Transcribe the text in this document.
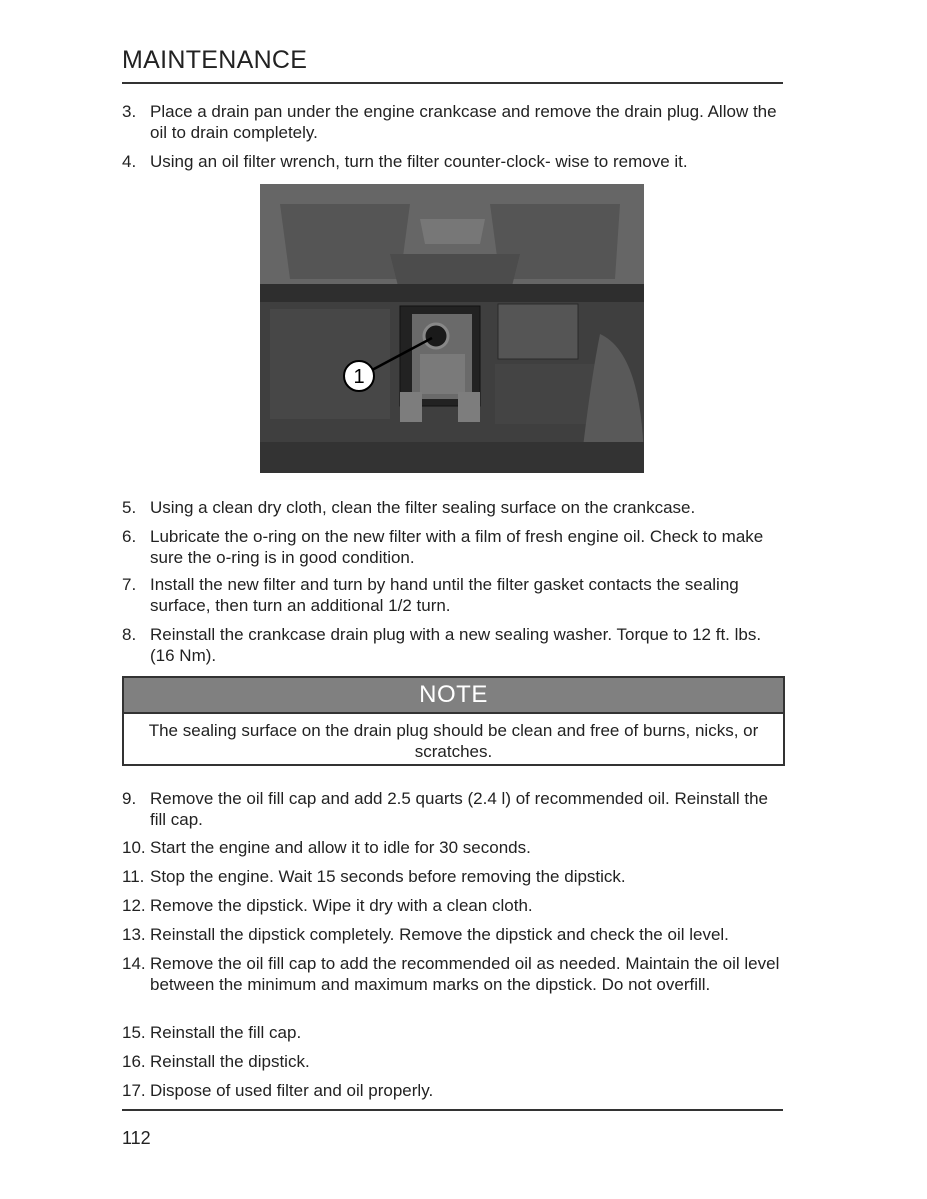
MAINTENANCE
3. Place a drain pan under the engine crankcase and remove the drain plug. Allow the oil to drain completely.
4. Using an oil filter wrench, turn the filter counter-clock- wise to remove it.
1
5. Using a clean dry cloth, clean the filter sealing surface on the crankcase.
6. Lubricate the o-ring on the new filter with a film of fresh engine oil. Check to make sure the o-ring is in good condition.
7. Install the new filter and turn by hand until the filter gasket contacts the sealing surface, then turn an additional 1/2 turn.
8. Reinstall the crankcase drain plug with a new sealing washer. Torque to 12 ft. lbs. (16 Nm).
NOTE
The sealing surface on the drain plug should be clean and free of burns, nicks, or scratches.
9. Remove the oil fill cap and add 2.5 quarts (2.4 l) of recommended oil. Reinstall the fill cap.
10. Start the engine and allow it to idle for 30 seconds.
11. Stop the engine. Wait 15 seconds before removing the dipstick.
12. Remove the dipstick. Wipe it dry with a clean cloth.
13. Reinstall the dipstick completely. Remove the dipstick and check the oil level.
14. Remove the oil fill cap to add the recommended oil as needed. Maintain the oil level between the minimum and maximum marks on the dipstick. Do not overfill.
15. Reinstall the fill cap.
16. Reinstall the dipstick.
17. Dispose of used filter and oil properly.
112
